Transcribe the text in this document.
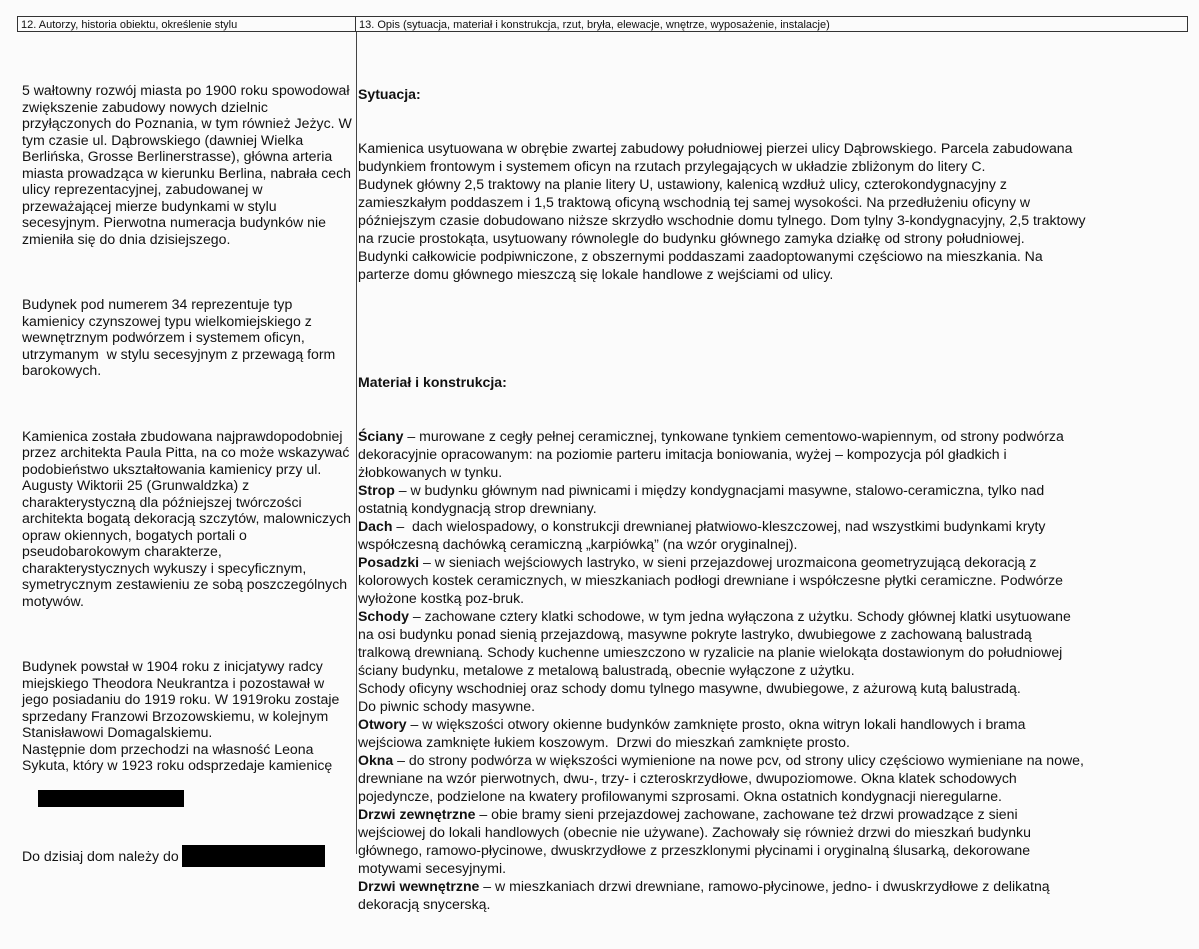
12. Autorzy, historia obiektu, określenie stylu	13. Opis (sytuacja, materiał i konstrukcja, rzut, bryła, elewacje, wnętrze, wyposażenie, instalacje)

5 wałtowny rozwój miasta po 1900 roku spowodował
zwiększenie zabudowy nowych dzielnic
przyłączonych do Poznania, w tym również Jeżyc. W
tym czasie ul. Dąbrowskiego (dawniej Wielka
Berlińska, Grosse Berlinerstrasse), główna arteria
miasta prowadząca w kierunku Berlina, nabrała cech
ulicy reprezentacyjnej, zabudowanej w
przeważającej mierze budynkami w stylu
secesyjnym. Pierwotna numeracja budynków nie
zmieniła się do dnia dzisiejszego.

Budynek pod numerem 34 reprezentuje typ
kamienicy czynszowej typu wielkomiejskiego z
wewnętrznym podwórzem i systemem oficyn,
utrzymanym  w stylu secesyjnym z przewagą form
barokowych.

Kamienica została zbudowana najprawdopodobniej
przez architekta Paula Pitta, na co może wskazywać
podobieństwo ukształtowania kamienicy przy ul.
Augusty Wiktorii 25 (Grunwaldzka) z
charakterystyczną dla późniejszej twórczości
architekta bogatą dekoracją szczytów, malowniczych
opraw okiennych, bogatych portali o
pseudobarokowym charakterze,
charakterystycznych wykuszy i specyficznym,
symetrycznym zestawieniu ze sobą poszczególnych
motywów.

Budynek powstał w 1904 roku z inicjatywy radcy
miejskiego Theodora Neukrantza i pozostawał w
jego posiadaniu do 1919 roku. W 1919roku zostaje
sprzedany Franzowi Brzozowskiemu, w kolejnym
Stanisławowi Domagalskiemu.
Następnie dom przechodzi na własność Leona
Sykuta, który w 1923 roku odsprzedaje kamienicę

Do dzisiaj dom należy do

Sytuacja:

Kamienica usytuowana w obrębie zwartej zabudowy południowej pierzei ulicy Dąbrowskiego. Parcela zabudowana
budynkiem frontowym i systemem oficyn na rzutach przylegających w układzie zbliżonym do litery C.
Budynek główny 2,5 traktowy na planie litery U, ustawiony, kalenicą wzdłuż ulicy, czterokondygnacyjny z
zamieszkałym poddaszem i 1,5 traktową oficyną wschodnią tej samej wysokości. Na przedłużeniu oficyny w
późniejszym czasie dobudowano niższe skrzydło wschodnie domu tylnego. Dom tylny 3-kondygnacyjny, 2,5 traktowy
na rzucie prostokąta, usytuowany równolegle do budynku głównego zamyka działkę od strony południowej.
Budynki całkowicie podpiwniczone, z obszernymi poddaszami zaadoptowanymi częściowo na mieszkania. Na
parterze domu głównego mieszczą się lokale handlowe z wejściami od ulicy.

Materiał i konstrukcja:

Ściany – murowane z cegły pełnej ceramicznej, tynkowane tynkiem cementowo-wapiennym, od strony podwórza
dekoracyjnie opracowanym: na poziomie parteru imitacja boniowania, wyżej – kompozycja pól gładkich i
żłobkowanych w tynku.
Strop – w budynku głównym nad piwnicami i między kondygnacjami masywne, stalowo-ceramiczna, tylko nad
ostatnią kondygnacją strop drewniany.
Dach –  dach wielospadowy, o konstrukcji drewnianej płatwiowo-kleszczowej, nad wszystkimi budynkami kryty
współczesną dachówką ceramiczną „karpiówką” (na wzór oryginalnej).
Posadzki – w sieniach wejściowych lastryko, w sieni przejazdowej urozmaicona geometryzującą dekoracją z
kolorowych kostek ceramicznych, w mieszkaniach podłogi drewniane i współczesne płytki ceramiczne. Podwórze
wyłożone kostką poz-bruk.
Schody – zachowane cztery klatki schodowe, w tym jedna wyłączona z użytku. Schody głównej klatki usytuowane
na osi budynku ponad sienią przejazdową, masywne pokryte lastryko, dwubiegowe z zachowaną balustradą
tralkową drewnianą. Schody kuchenne umieszczono w ryzalicie na planie wielokąta dostawionym do południowej
ściany budynku, metalowe z metalową balustradą, obecnie wyłączone z użytku.
Schody oficyny wschodniej oraz schody domu tylnego masywne, dwubiegowe, z ażurową kutą balustradą.
Do piwnic schody masywne.
Otwory – w większości otwory okienne budynków zamknięte prosto, okna witryn lokali handlowych i brama
wejściowa zamknięte łukiem koszowym.  Drzwi do mieszkań zamknięte prosto.
Okna – do strony podwórza w większości wymienione na nowe pcv, od strony ulicy częściowo wymieniane na nowe,
drewniane na wzór pierwotnych, dwu-, trzy- i czteroskrzydłowe, dwupoziomowe. Okna klatek schodowych
pojedyncze, podzielone na kwatery profilowanymi szprosami. Okna ostatnich kondygnacji nieregularne.
Drzwi zewnętrzne – obie bramy sieni przejazdowej zachowane, zachowane też drzwi prowadzące z sieni
wejściowej do lokali handlowych (obecnie nie używane). Zachowały się również drzwi do mieszkań budynku
głównego, ramowo-płycinowe, dwuskrzydłowe z przeszklonymi płycinami i oryginalną ślusarką, dekorowane
motywami secesyjnymi.
Drzwi wewnętrzne – w mieszkaniach drzwi drewniane, ramowo-płycinowe, jedno- i dwuskrzydłowe z delikatną
dekoracją snycerską.
